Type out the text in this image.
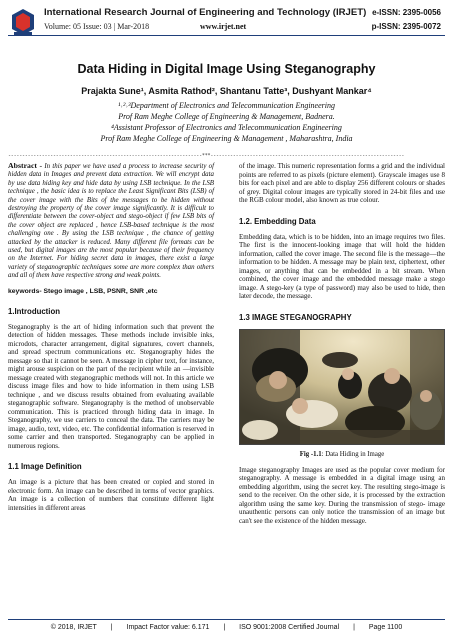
International Research Journal of Engineering and Technology (IRJET) e-ISSN: 2395-0056
Volume: 05 Issue: 03 | Mar-2018	www.irjet.net	p-ISSN: 2395-0072
Data Hiding in Digital Image Using Steganography
Prajakta Sune¹, Asmita Rathod², Shantanu Tatte³, Dushyant Mankar⁴
¹˒²˒³Department of Electronics and Telecommunication Engineering
Prof Ram Meghe College of Engineering & Management, Badnera.
⁴Assistant Professor of Electronics and Telecommunication Engineering
Prof Ram Meghe College of Engineering & Management , Maharashtra, India
---------------------------------------------------------------------***---------------------------------------------------------------------

Abstract - In this paper we have used a process to increase security of hidden data in Images and prevent data extraction. We will encrypt data by use data hiding key and hide data by using LSB technique. In the LSB technique , the basic idea is to replace the Least Significant Bits (LSB) of the cover image with the Bits of the messages to be hidden without destroying the property of the cover image significantly. It is difficult to differentiate between the cover-object and stego-object if few LSB bits of the cover object are replaced , hence LSB-based technique is the most challenging one . By using the LSB technique , the chance of getting attacked by the attacker is reduced. Many different file formats can be used, but digital images are the most popular because of their frequency on the Internet. For hiding secret data in images, there exist a large variety of steganographic techniques some are more complex than others and all of them have respective strong and weak points.

keywords- Stego image , LSB, PSNR, SNR ,etc
1.Introduction

Steganography is the art of hiding information such that prevent the detection of hidden messages. These methods include invisible inks, microdots, character arrangement, digital signatures, covert channels, and spread spectrum communications etc. Steganography hides the message so that it cannot be seen. A message in cipher text, for instance, might arouse suspicion on the part of the recipient while an —invisible message created with steganographic methods will not. In this article we discuss image files and how to hide information in them using LSB technique , and we discuss results obtained from evaluating available steganographic software. Steganography is the method of unobservable communication. This is practiced through hiding data in image. In Steganography, we use carriers to conceal the data. The carriers may be image, audio, text, video, etc. The confidential information is reserved in some carrier and then transported. Steganography can be applied in numerous regions.

1.1 Image Definition

An image is a picture that has been created or copied and stored in electronic form. An image can be described in terms of vector graphics. An image is a collection of numbers that constitute different light intensities in different areas

of the image. This numeric representation forms a grid and the individual points are referred to as pixels (picture element). Grayscale images use 8 bits for each pixel and are able to display 256 different colours or shades of grey. Digital colour images are typically stored in 24-bit files and use the RGB colour model, also known as true colour.

1.2. Embedding Data

Embedding data, which is to be hidden, into an image requires two files. The first is the innocent-looking image that will hold the hidden information, called the cover image. The second file is the message—the information to be hidden. A message may be plain text, ciphertext, other images, or anything that can be embedded in a bit stream. When combined, the cover image and the embedded message make a stego image. A stego-key (a type of password) may also be used to hide, then later decode, the message.

1.3 IMAGE STEGANOGRAPHY
Fig -1.1: Data Hiding in Image

Image steganography Images are used as the popular cover medium for steganography. A message is embedded in a digital image using an embedding algorithm, using the secret key. The resulting stego-image is send to the receiver. On the other side, it is processed by the extraction algorithm using the same key. During the transmission of stego- image unauthentic persons can only notice the transmission of an image but can't see the existence of the hidden message.

© 2018, IRJET | Impact Factor value: 6.171 | ISO 9001:2008 Certified Journal | Page 1100
